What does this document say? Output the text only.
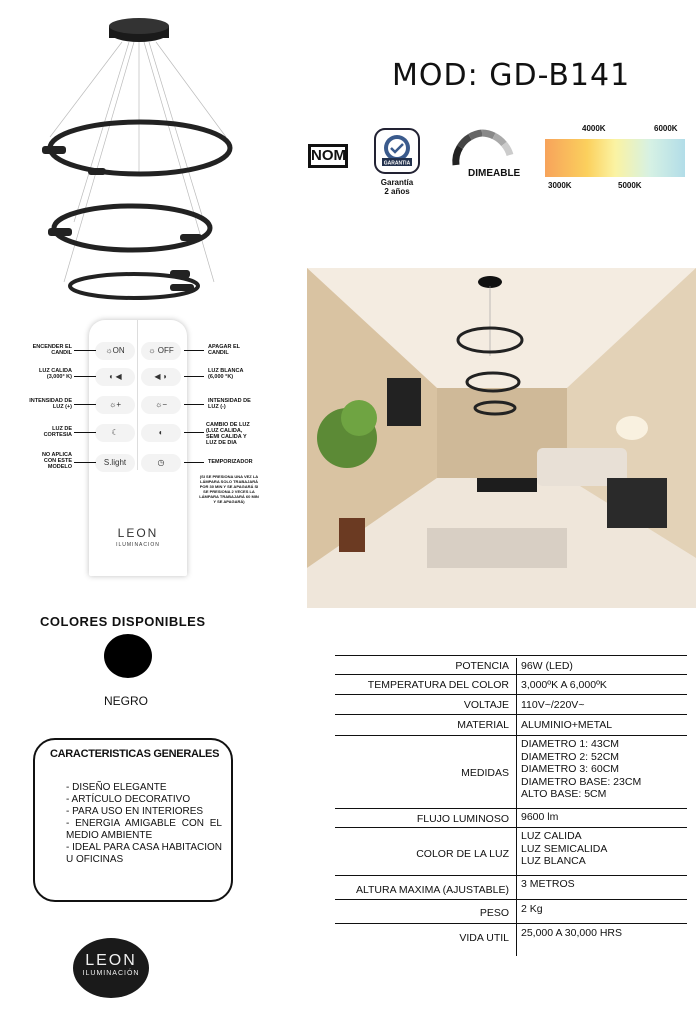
MOD: GD-B141
NOM	GARANTIA
Garantía
2 años
DIMEABLE
4000K	6000K
3000K	5000K
☼ON	☼ OFF
◖ ◀	◀ ◗
☼+	☼−
☾	◐
S.light	◷
LEON
ILUMINACION
ENCENDER EL CANDIL
LUZ CALIDA (3,000° K)
INTENSIDAD DE LUZ (+)
LUZ DE CORTESIA
NO APLICA CON ESTE MODELO
APAGAR EL CANDIL
LUZ BLANCA (6,000 °K)
INTENSIDAD DE LUZ (-)
CAMBIO DE LUZ (LUZ CALIDA, SEMI CALIDA Y LUZ DE DIA
TEMPORIZADOR
(SI SE PRESIONA UNA VEZ LA LÁMPARA SOLO TRABAJARÁ POR 30 MIN Y SE APAGARÁ SI SE PRESIONA 2 VECES LA LÁMPARA TRABAJARÁ 60 MIN Y SE APAGARÁ)
COLORES DISPONIBLES
NEGRO
CARACTERISTICAS GENERALES
- DISEÑO ELEGANTE
- ARTÍCULO DECORATIVO
- PARA USO EN INTERIORES
- ENERGIA AMIGABLE CON EL MEDIO AMBIENTE
- IDEAL PARA CASA HABITACION U OFICINAS
LEON
ILUMINACIÓN
POTENCIA 96W (LED)
TEMPERATURA DEL COLOR 3,000ºK A 6,000ºK
VOLTAJE 110V~/220V~
MATERIAL ALUMINIO+METAL
MEDIDAS
DIAMETRO 1: 43CM
DIAMETRO 2: 52CM
DIAMETRO 3: 60CM
DIAMETRO BASE: 23CM
ALTO BASE: 5CM
FLUJO LUMINOSO 9600 lm
COLOR DE LA LUZ
LUZ CALIDA
LUZ SEMICALIDA
LUZ BLANCA
ALTURA MAXIMA (AJUSTABLE) 3 METROS
PESO 2 Kg
VIDA UTIL 25,000 A 30,000 HRS
